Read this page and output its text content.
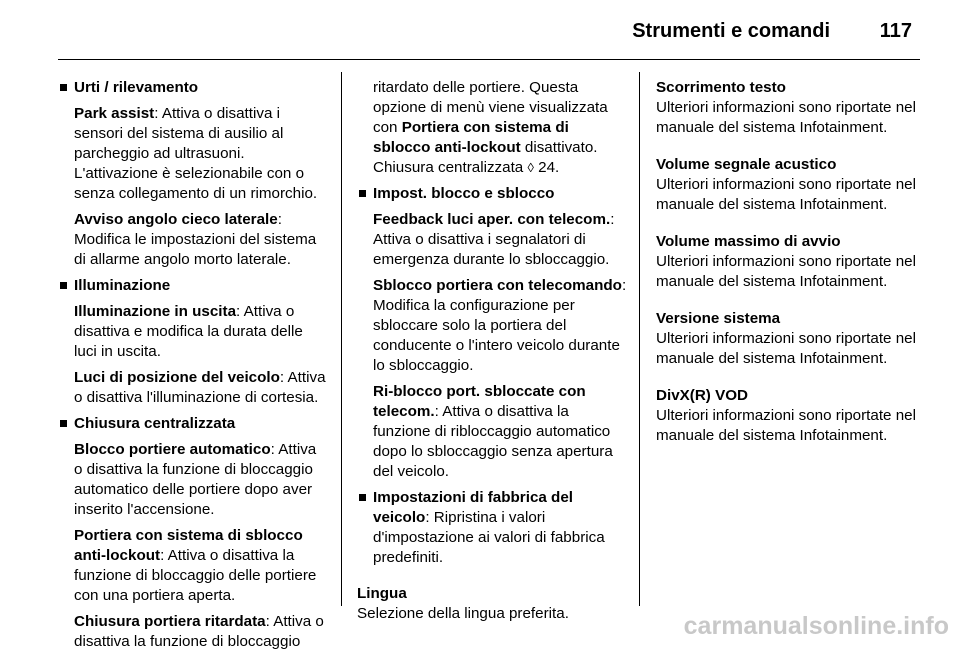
Strumenti e comandi	117

Urti / rilevamento

Park assist: Attiva o disattiva i sensori del sistema di ausilio al parcheggio ad ultrasuoni. L'attivazione è selezionabile con o senza collegamento di un rimorchio.

Avviso angolo cieco laterale: Modifica le impostazioni del sistema di allarme angolo morto laterale.

Illuminazione

Illuminazione in uscita: Attiva o disattiva e modifica la durata delle luci in uscita.

Luci di posizione del veicolo: Attiva o disattiva l'illuminazione di cortesia.

Chiusura centralizzata

Blocco portiere automatico: Attiva o disattiva la funzione di bloccaggio automatico delle portiere dopo aver inserito l'accensione.

Portiera con sistema di sblocco anti-lockout: Attiva o disattiva la funzione di bloccaggio delle portiere con una portiera aperta.

Chiusura portiera ritardata: Attiva o disattiva la funzione di bloccaggio

ritardato delle portiere. Questa opzione di menù viene visualizzata con Portiera con sistema di sblocco anti-lockout disattivato. Chiusura centralizzata ◊ 24.

Impost. blocco e sblocco

Feedback luci aper. con telecom.: Attiva o disattiva i segnalatori di emergenza durante lo sbloccaggio.

Sblocco portiera con telecomando: Modifica la configurazione per sbloccare solo la portiera del conducente o l'intero veicolo durante lo sbloccaggio.

Ri-blocco port. sbloccate con telecom.: Attiva o disattiva la funzione di ribloccaggio automatico dopo lo sbloccaggio senza apertura del veicolo.

Impostazioni di fabbrica del veicolo: Ripristina i valori d'impostazione ai valori di fabbrica predefiniti.

Lingua

Selezione della lingua preferita.

Scorrimento testo

Ulteriori informazioni sono riportate nel manuale del sistema Infotainment.

Volume segnale acustico

Ulteriori informazioni sono riportate nel manuale del sistema Infotainment.

Volume massimo di avvio

Ulteriori informazioni sono riportate nel manuale del sistema Infotainment.

Versione sistema

Ulteriori informazioni sono riportate nel manuale del sistema Infotainment.

DivX(R) VOD

Ulteriori informazioni sono riportate nel manuale del sistema Infotainment.

carmanualsonline.info
